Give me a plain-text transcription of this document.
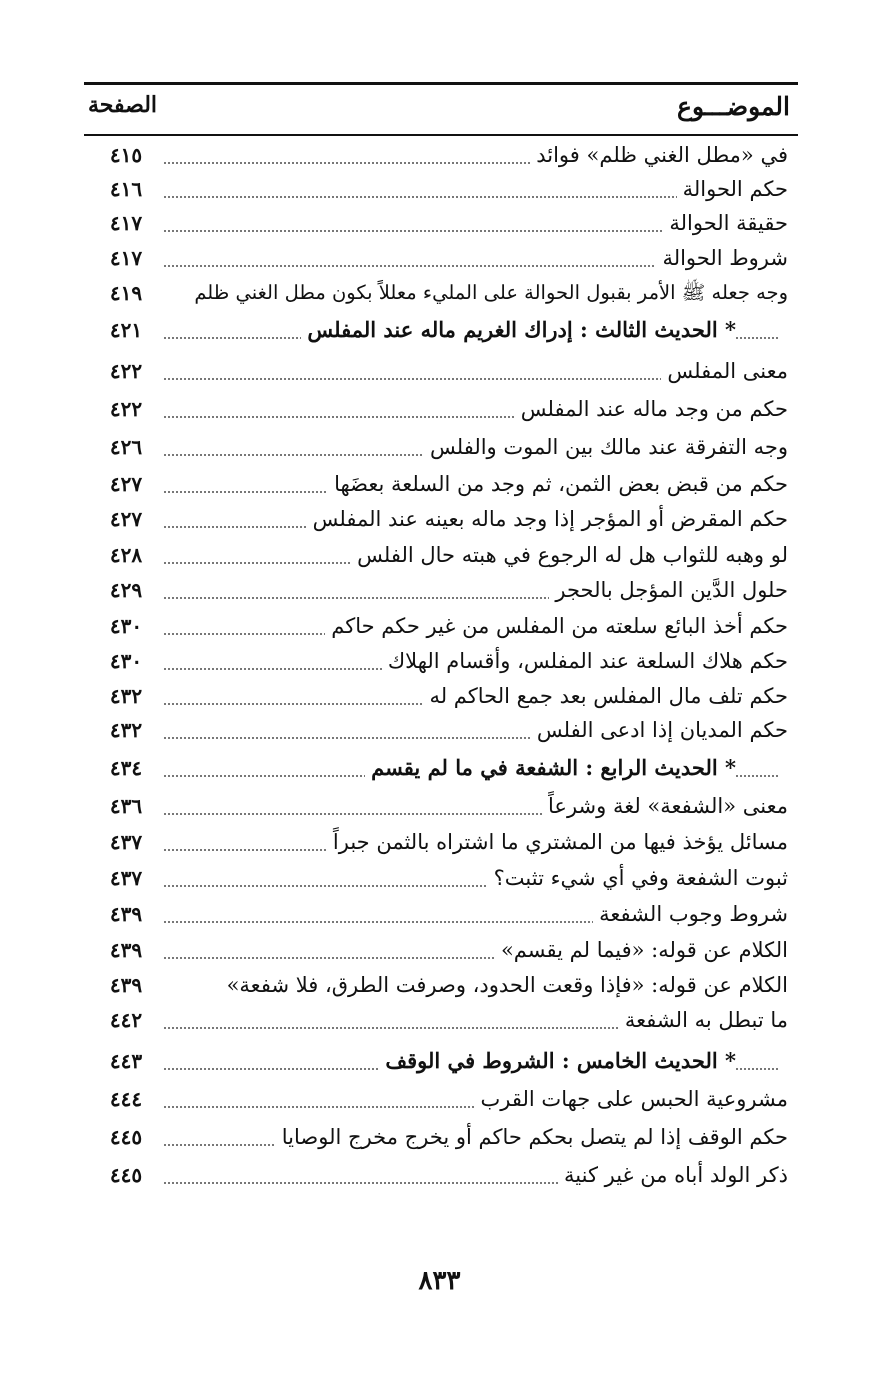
الموضـــوع
الصفحة
في «مطل الغني ظلم» فوائد
٤١٥
حكم الحوالة
٤١٦
حقيقة الحوالة
٤١٧
شروط الحوالة
٤١٧
وجه جعله ﷺ الأمر بقبول الحوالة على المليء معللاً بكون مطل الغني ظلم
٤١٩
* الحديث الثالث : إدراك الغريم ماله عند المفلس
٤٢١
معنى المفلس
٤٢٢
حكم من وجد ماله عند المفلس
٤٢٢
وجه التفرقة عند مالك بين الموت والفلس
٤٢٦
حكم من قبض بعض الثمن، ثم وجد من السلعة بعضَها
٤٢٧
حكم المقرض أو المؤجر إذا وجد ماله بعينه عند المفلس
٤٢٧
لو وهبه للثواب هل له الرجوع في هبته حال الفلس
٤٢٨
حلول الدَّين المؤجل بالحجر
٤٢٩
حكم أخذ البائع سلعته من المفلس من غير حكم حاكم
٤٣٠
حكم هلاك السلعة عند المفلس، وأقسام الهلاك
٤٣٠
حكم تلف مال المفلس بعد جمع الحاكم له
٤٣٢
حكم المديان إذا ادعى الفلس
٤٣٢
* الحديث الرابع : الشفعة في ما لم يقسم
٤٣٤
معنى «الشفعة» لغة وشرعاً
٤٣٦
مسائل يؤخذ فيها من المشتري ما اشتراه بالثمن جبراً
٤٣٧
ثبوت الشفعة وفي أي شيء تثبت؟
٤٣٧
شروط وجوب الشفعة
٤٣٩
الكلام عن قوله: «فيما لم يقسم»
٤٣٩
الكلام عن قوله: «فإذا وقعت الحدود، وصرفت الطرق، فلا شفعة»
٤٣٩
ما تبطل به الشفعة
٤٤٢
* الحديث الخامس : الشروط في الوقف
٤٤٣
مشروعية الحبس على جهات القرب
٤٤٤
حكم الوقف إذا لم يتصل بحكم حاكم أو يخرج مخرج الوصايا
٤٤٥
ذكر الولد أباه من غير كنية
٤٤٥
٨٣٣
